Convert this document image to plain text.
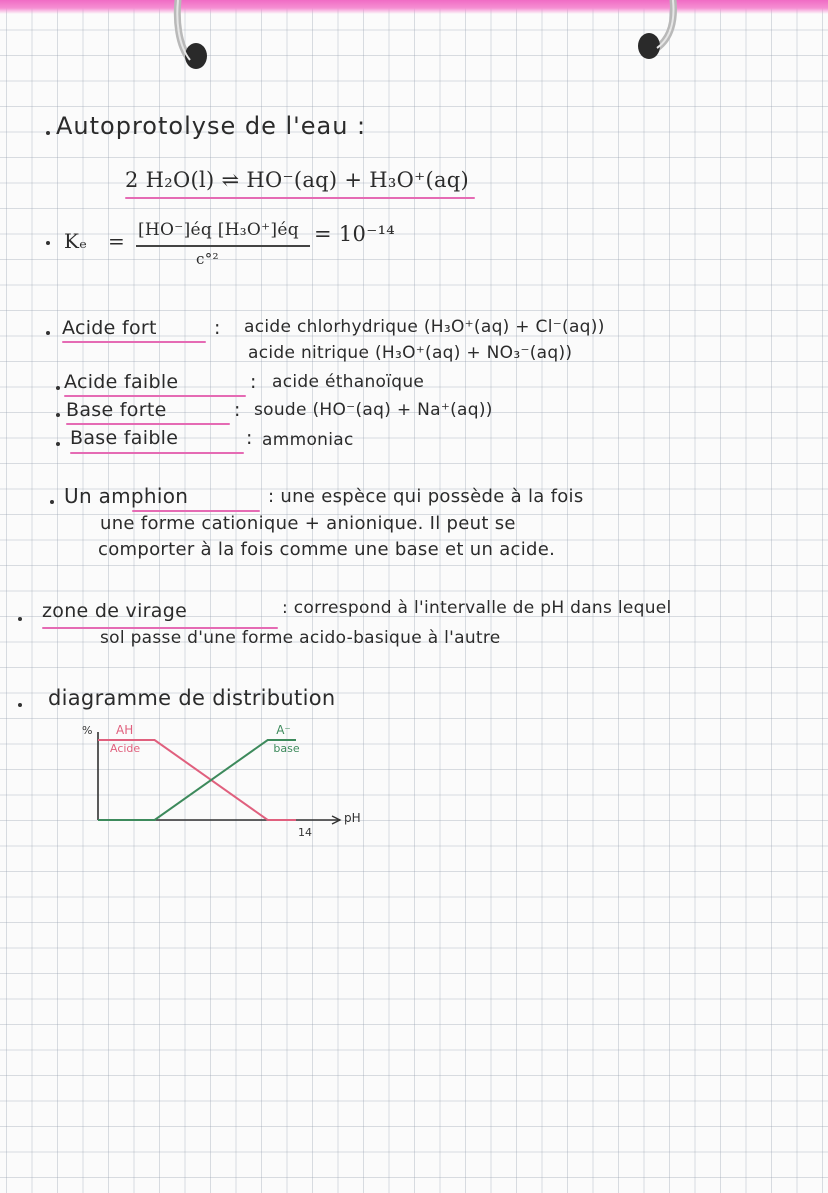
Autoprotolyse de l'eau :
2 H₂O(l) ⇌ HO⁻(aq) + H₃O⁺(aq)
Kₑ = [HO⁻]éq [H₃O⁺]éq
c°²
= 10⁻¹⁴
Acide fort	: acide chlorhydrique (H₃O⁺(aq) + Cl⁻(aq))
acide nitrique (H₃O⁺(aq) + NO₃⁻(aq))
Acide faible	: acide éthanoïque
Base forte	: soude (HO⁻(aq) + Na⁺(aq))
Base faible	: ammoniac
Un amphion	: une espèce qui possède à la fois
une forme cationique + anionique. Il peut se
comporter à la fois comme une base et un acide.
zone de virage	: correspond à l'intervalle de pH dans lequel
sol passe d'une forme acido-basique à l'autre
diagramme de distribution
% AH
Acide
A⁻
base
14
pH
